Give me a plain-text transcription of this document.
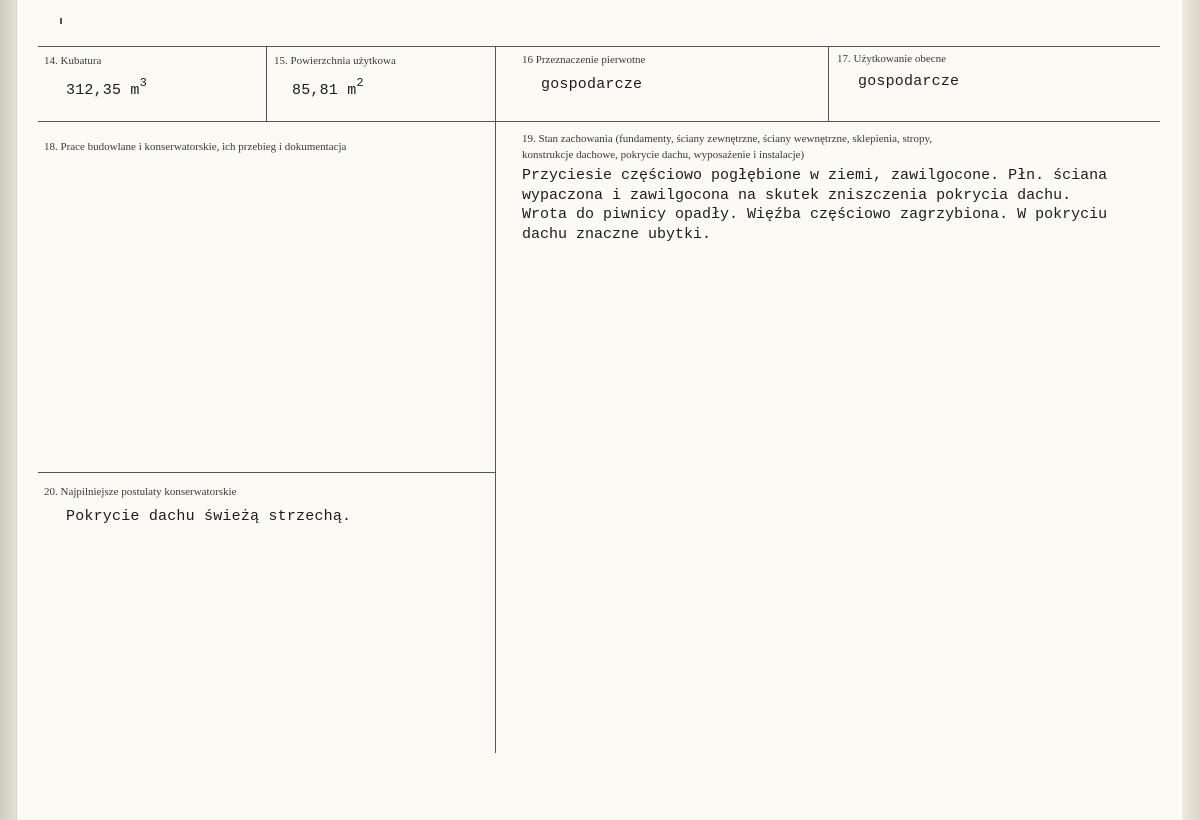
14. Kubatura
312,35 $m^3$
15. Powierzchnia użytkowa
85,81 $m^2$
16 Przeznaczenie pierwotne
gospodarcze
17. Użytkowanie obecne
gospodarcze
18. Prace budowlane i konserwatorskie, ich przebieg i dokumentacja
19. Stan zachowania (fundamenty, ściany zewnętrzne, ściany wewnętrzne, sklepienia, stropy,
konstrukcje dachowe, pokrycie dachu, wyposażenie i instalacje)
Przyciesie częściowo pogłębione w ziemi, zawilgocone. Płn. ściana
wypaczona i zawilgocona na skutek zniszczenia pokrycia dachu.
Wrota do piwnicy opadły. Więźba częściowo zagrzybiona. W pokryciu
dachu znaczne ubytki.
20. Najpilniejsze postulaty konserwatorskie
Pokrycie dachu świeżą strzechą.
